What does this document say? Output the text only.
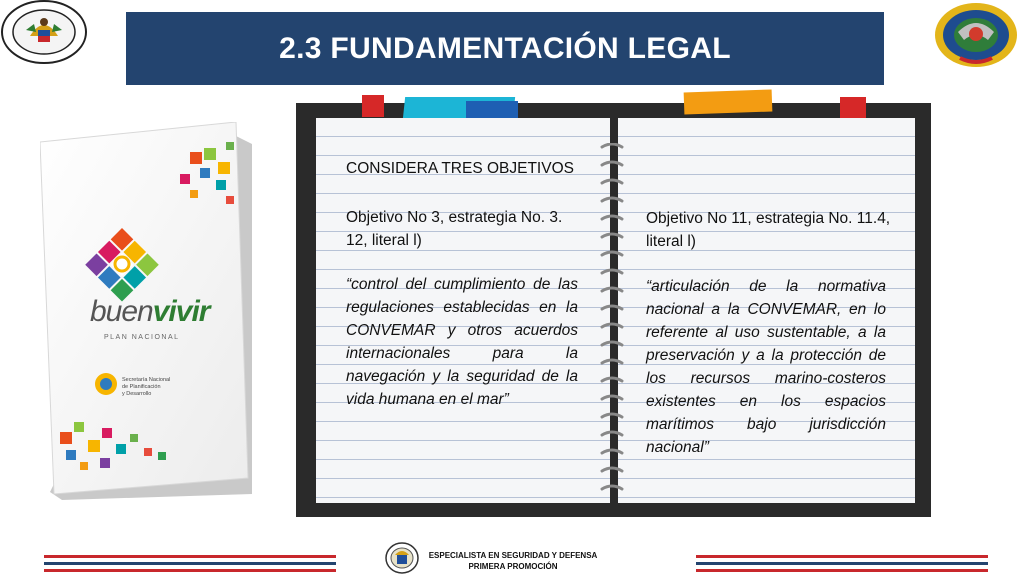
2.3 FUNDAMENTACIÓN LEGAL
buenvivir
PLAN NACIONAL
Secretaría Nacional
de Planificación
y Desarrollo
CONSIDERA TRES OBJETIVOS
Objetivo No 3, estrategia No. 3. 12, literal l)
“control del cumplimiento de las regulaciones establecidas en la CONVEMAR y otros acuerdos internacionales para la navegación y la seguridad de la vida humana en el mar”
Objetivo No 11, estrategia No. 11.4, literal l)
“articulación de la normativa nacional a la CONVEMAR, en lo referente al uso sustentable, a la preservación y a la protección de los recursos marino-costeros existentes en los espacios marítimos bajo jurisdicción nacional”
ESPECIALISTA EN SEGURIDAD Y DEFENSA
PRIMERA PROMOCIÓN
